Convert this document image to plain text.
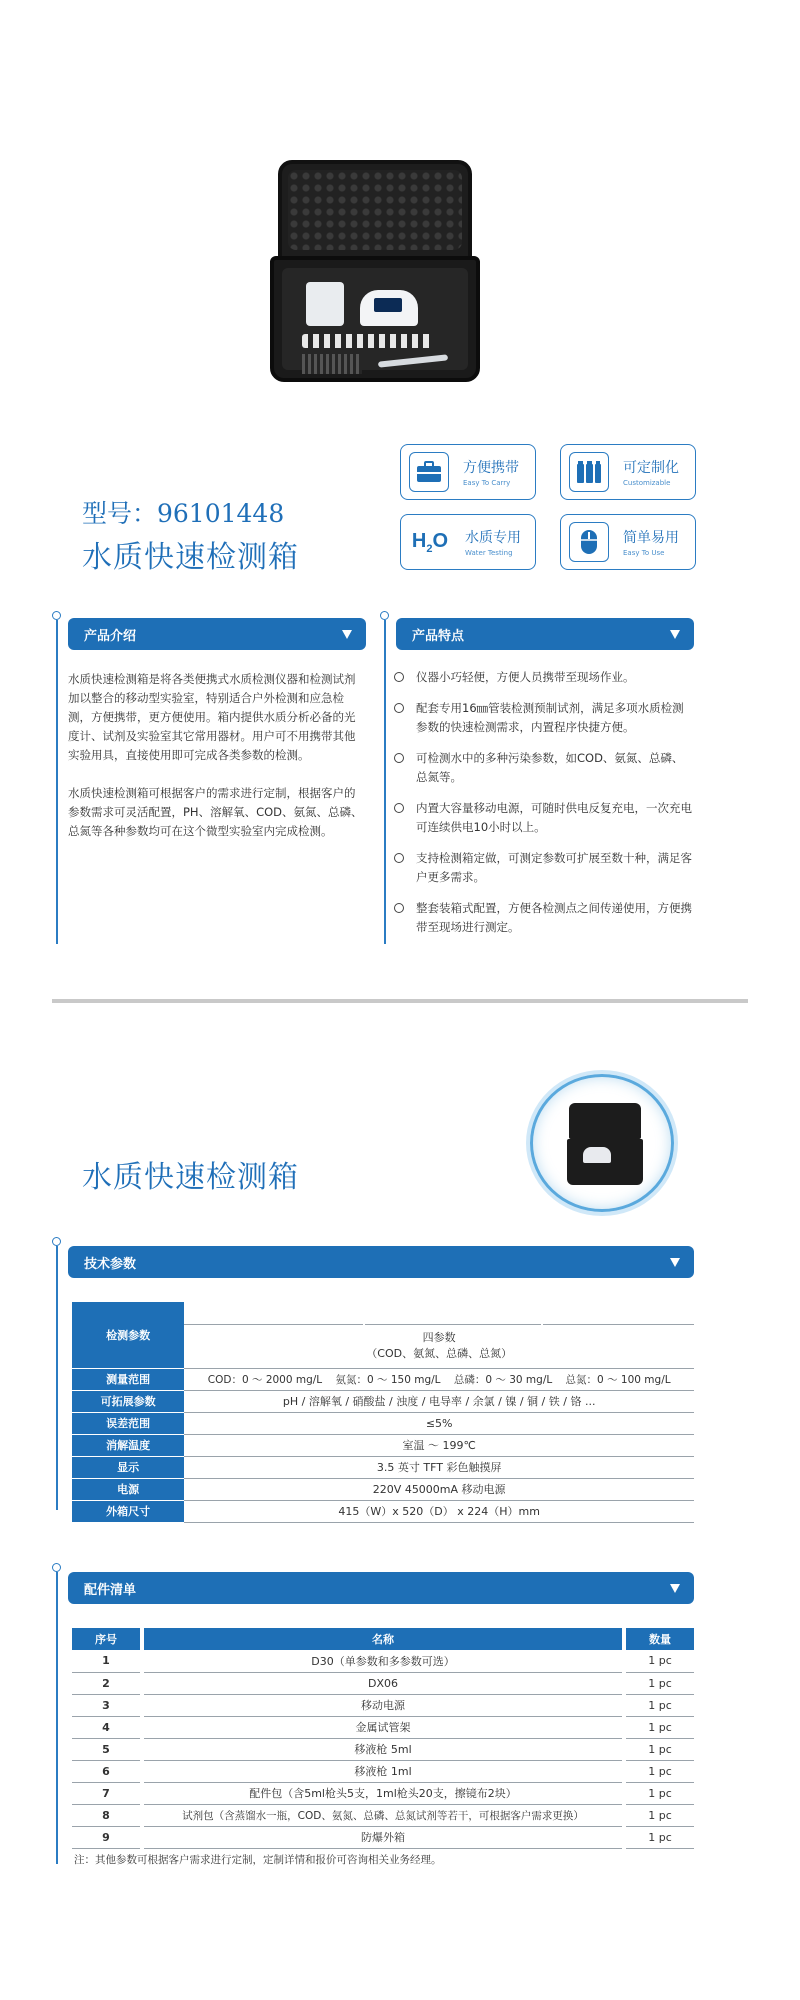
型号：96101448
水质快速检测箱
方便携带
Easy To Carry
可定制化
Customizable
$H_2O$ 水质专用
Water Testing
简单易用
Easy To Use
产品介绍

水质快速检测箱是将各类便携式水质检测仪器和检测试剂加以整合的移动型实验室，特别适合户外检测和应急检测，方便携带，更方便使用。箱内提供水质分析必备的光度计、试剂及实验室其它常用器材。用户可不用携带其他实验用具，直接使用即可完成各类参数的检测。

水质快速检测箱可根据客户的需求进行定制，根据客户的参数需求可灵活配置，PH、溶解氧、COD、氨氮、总磷、总氮等各种参数均可在这个微型实验室内完成检测。

产品特点
仪器小巧轻便，方便人员携带至现场作业。
配套专用16㎜管装检测预制试剂，满足多项水质检测参数的快速检测需求，内置程序快捷方便。
可检测水中的多种污染参数，如COD、氨氮、总磷、总氮等。
内置大容量移动电源，可随时供电反复充电，一次充电可连续供电10小时以上。
支持检测箱定做，可测定参数可扩展至数十种，满足客户更多需求。
整套装箱式配置，方便各检测点之间传递使用，方便携带至现场进行测定。
水质快速检测箱
技术参数
检测参数					

	四参数
（COD、氨氮、总磷、总氮）				

测量范围	COD：0 ～ 2000 mg/L    氨氮：0 ～ 150 mg/L    总磷：0 ～ 30 mg/L    总氮：0 ～ 100 mg/L				
可拓展参数	pH / 溶解氧 / 硝酸盐 / 浊度 / 电导率 / 余氯 / 镍 / 铜 / 铁 / 铬 ...				
误差范围	≤5%				
消解温度	室温 ～ 199℃				
显示	3.5 英寸 TFT 彩色触摸屏				
电源	220V 45000mA 移动电源				
外箱尺寸	415（W）x 520（D） x 224（H）mm				
配件清单
序号	名称	数量
1	D30（单参数和多参数可选）	1 pc
2	DX06	1 pc
3	移动电源	1 pc
4	金属试管架	1 pc
5	移液枪 5ml	1 pc
6	移液枪 1ml	1 pc
7	配件包（含5ml枪头5支，1ml枪头20支，擦镜布2块）	1 pc
8	试剂包（含蒸馏水一瓶，COD、氨氮、总磷、总氮试剂等若干，可根据客户需求更换）	1 pc
9	防爆外箱	1 pc
注：其他参数可根据客户需求进行定制，定制详情和报价可咨询相关业务经理。
